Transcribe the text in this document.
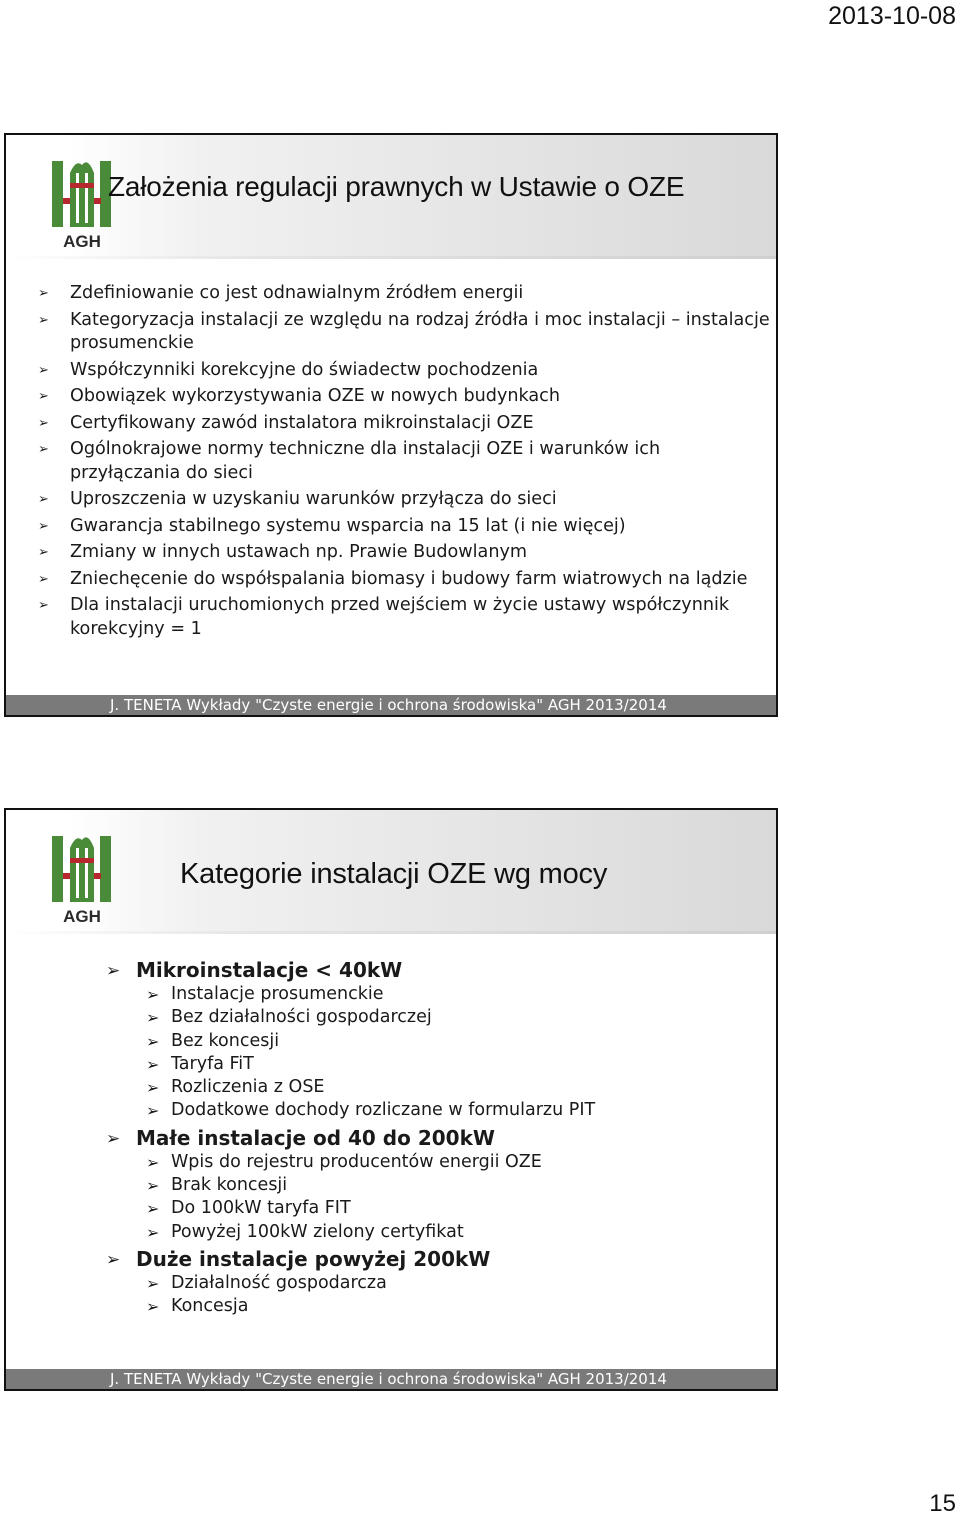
2013-10-08
AGH
Założenia regulacji prawnych w Ustawie o OZE
➢ Zdefiniowanie co jest odnawialnym źródłem energii
➢ Kategoryzacja instalacji ze względu na rodzaj źródła i moc instalacji – instalacje prosumenckie
➢ Współczynniki korekcyjne do świadectw pochodzenia
➢ Obowiązek wykorzystywania OZE w nowych budynkach
➢ Certyfikowany zawód instalatora mikroinstalacji OZE
➢ Ogólnokrajowe normy techniczne dla instalacji OZE i warunków ich przyłączania do sieci
➢ Uproszczenia w uzyskaniu warunków przyłącza do sieci
➢ Gwarancja stabilnego systemu wsparcia na 15 lat (i nie więcej)
➢ Zmiany w innych ustawach np. Prawie Budowlanym
➢ Zniechęcenie do współspalania biomasy i budowy farm wiatrowych na lądzie
➢ Dla instalacji uruchomionych przed wejściem w życie ustawy współczynnik korekcyjny = 1
J. TENETA Wykłady "Czyste energie i ochrona środowiska" AGH 2013/2014
AGH
Kategorie instalacji OZE wg mocy
➢ Mikroinstalacje < 40kW
➢ Instalacje prosumenckie
➢ Bez działalności gospodarczej
➢ Bez koncesji
➢ Taryfa FiT
➢ Rozliczenia z OSE
➢ Dodatkowe dochody rozliczane w formularzu PIT
➢ Małe instalacje od 40 do 200kW
➢ Wpis do rejestru producentów energii OZE
➢ Brak koncesji
➢ Do 100kW taryfa FIT
➢ Powyżej 100kW zielony certyfikat
➢ Duże instalacje powyżej 200kW
➢ Działalność gospodarcza
➢ Koncesja
J. TENETA Wykłady "Czyste energie i ochrona środowiska" AGH 2013/2014
15
